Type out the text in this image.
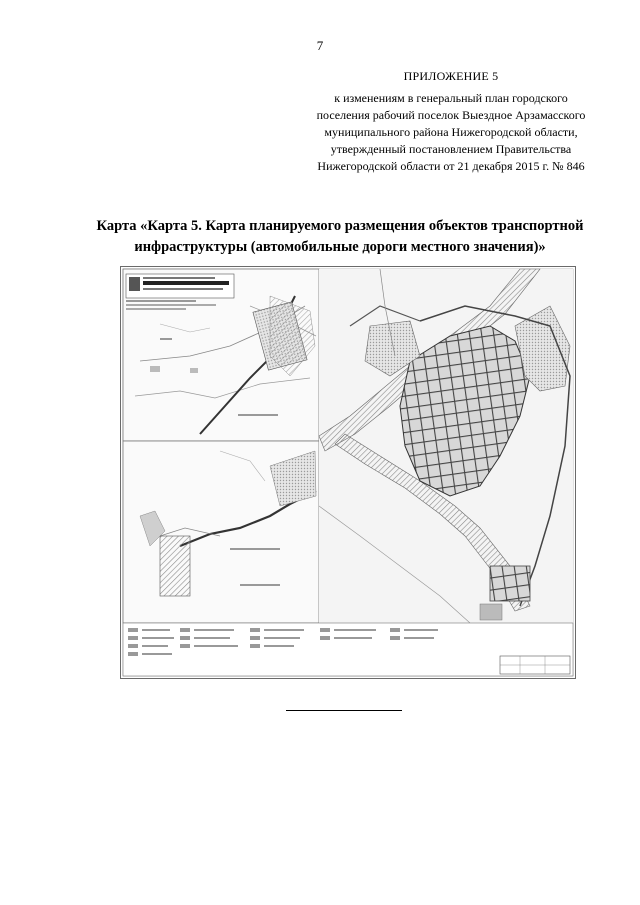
7
ПРИЛОЖЕНИЕ 5
к изменениям в генеральный план городского
поселения рабочий поселок Выездное Арзамасского
муниципального района Нижегородской области,
утвержденный постановлением Правительства
Нижегородской области от 21 декабря 2015 г. № 846
Карта «Карта 5. Карта планируемого размещения объектов транспортной
инфраструктуры (автомобильные дороги местного значения)»
